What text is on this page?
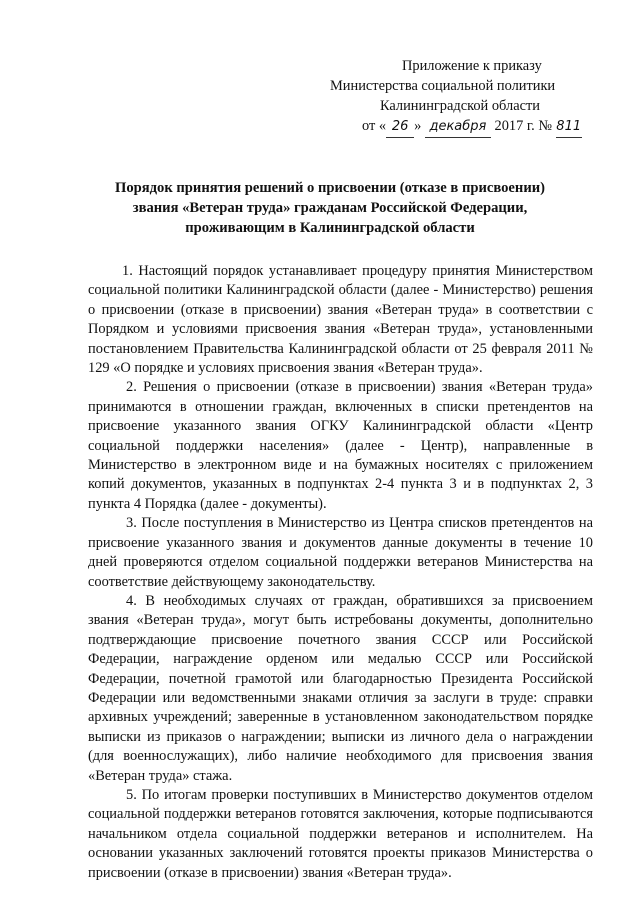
Приложение к приказу
Министерства социальной политики
Калининградской области
от « 26 » декабря 2017 г. № 811
Порядок принятия решений о присвоении (отказе в присвоении)
звания «Ветеран труда» гражданам Российской Федерации,
проживающим в Калининградской области

1. Настоящий порядок устанавливает процедуру принятия Министерством социальной политики Калининградской области (далее - Министерство) решения о присвоении (отказе в присвоении) звания «Ветеран труда» в соответствии с Порядком и условиями присвоения звания «Ветеран труда», установленными постановлением Правительства Калининградской области от 25 февраля 2011 № 129 «О порядке и условиях присвоения звания «Ветеран труда».

2. Решения о присвоении (отказе в присвоении) звания «Ветеран труда» принимаются в отношении граждан, включенных в списки претендентов на присвоение указанного звания ОГКУ Калининградской области «Центр социальной поддержки населения» (далее - Центр), направленные в Министерство в электронном виде и на бумажных носителях с приложением копий документов, указанных в подпунктах 2-4 пункта 3 и в подпунктах 2, 3 пункта 4 Порядка (далее - документы).

3. После поступления в Министерство из Центра списков претендентов на присвоение указанного звания и документов данные документы в течение 10 дней проверяются отделом социальной поддержки ветеранов Министерства на соответствие действующему законодательству.

4. В необходимых случаях от граждан, обратившихся за присвоением звания «Ветеран труда», могут быть истребованы документы, дополнительно подтверждающие присвоение почетного звания СССР или Российской Федерации, награждение орденом или медалью СССР или Российской Федерации, почетной грамотой или благодарностью Президента Российской Федерации или ведомственными знаками отличия за заслуги в труде: справки архивных учреждений; заверенные в установленном законодательством порядке выписки из приказов о награждении; выписки из личного дела о награждении (для военнослужащих), либо наличие необходимого для присвоения звания «Ветеран труда» стажа.

5. По итогам проверки поступивших в Министерство документов отделом социальной поддержки ветеранов готовятся заключения, которые подписываются начальником отдела социальной поддержки ветеранов и исполнителем. На основании указанных заключений готовятся проекты приказов Министерства о присвоении (отказе в присвоении) звания «Ветеран труда».
